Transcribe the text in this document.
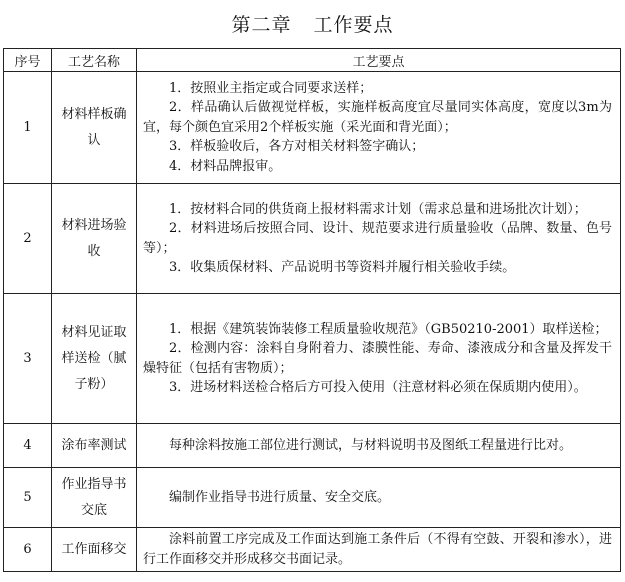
第二章 工作要点
序号	工艺名称	工艺要点
1	材料样板确认	1．按照业主指定或合同要求送样；
2．样品确认后做视觉样板，实施样板高度宜尽量同实体高度，宽度以3m为宜，每个颜色宜采用2个样板实施（采光面和背光面）；
3．样板验收后，各方对相关材料签字确认；
4．材料品牌报审。

2	材料进场验收	1．按材料合同的供货商上报材料需求计划（需求总量和进场批次计划）；
2．材料进场后按照合同、设计、规范要求进行质量验收（品牌、数量、色号等）；
3．收集质保材料、产品说明书等资料并履行相关验收手续。

3	材料见证取样送检（腻子粉）	1．根据《建筑装饰装修工程质量验收规范》（GB50210-2001）取样送检；
2．检测内容：涂料自身附着力、漆膜性能、寿命、漆液成分和含量及挥发干燥特征（包括有害物质）；
3．进场材料送检合格后方可投入使用（注意材料必须在保质期内使用）。

4	涂布率测试	每种涂料按施工部位进行测试，与材料说明书及图纸工程量进行比对。

5	作业指导书交底	编制作业指导书进行质量、安全交底。

6	工作面移交	涂料前置工序完成及工作面达到施工条件后（不得有空鼓、开裂和渗水），进行工作面移交并形成移交书面记录。
